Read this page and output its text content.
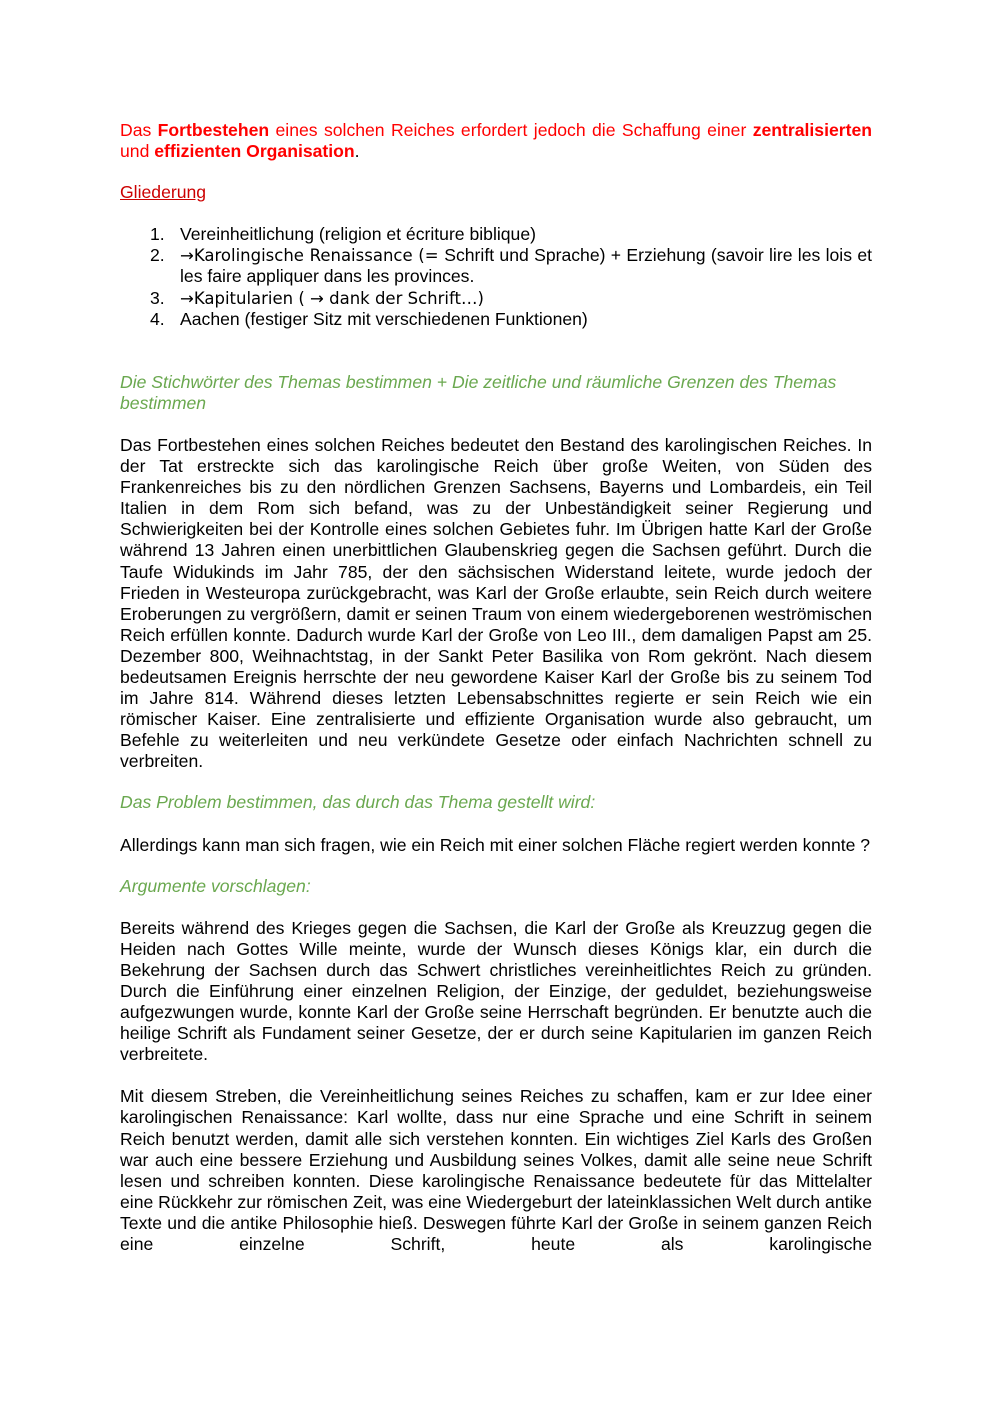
Das Fortbestehen eines solchen Reiches erfordert jedoch die Schaffung einer zentralisierten und effizienten Organisation.

Gliederung

1. Vereinheitlichung (religion et écriture biblique)
2. →Karolingische Renaissance (= Schrift und Sprache) + Erziehung (savoir lire les lois et les faire appliquer dans les provinces.
3. →Kapitularien ( → dank der Schrift…)
4. Aachen (festiger Sitz mit verschiedenen Funktionen)

Die Stichwörter des Themas bestimmen + Die zeitliche und räumliche Grenzen des Themas bestimmen

Das Fortbestehen eines solchen Reiches bedeutet den Bestand des karolingischen Reiches. In der Tat erstreckte sich das karolingische Reich über große Weiten, von Süden des Frankenreiches bis zu den nördlichen Grenzen Sachsens, Bayerns und Lombardeis, ein Teil Italien in dem Rom sich befand, was zu der Unbeständigkeit seiner Regierung und Schwierigkeiten bei der Kontrolle eines solchen Gebietes fuhr. Im Übrigen hatte Karl der Große während 13 Jahren einen unerbittlichen Glaubenskrieg gegen die Sachsen geführt. Durch die Taufe Widukinds im Jahr 785, der den sächsischen Widerstand leitete, wurde jedoch der Frieden in Westeuropa zurückgebracht, was Karl der Große erlaubte, sein Reich durch weitere Eroberungen zu vergrößern, damit er seinen Traum von einem wiedergeborenen weströmischen Reich erfüllen konnte. Dadurch wurde Karl der Große von Leo III., dem damaligen Papst am 25. Dezember 800, Weihnachtstag, in der Sankt Peter Basilika von Rom gekrönt. Nach diesem bedeutsamen Ereignis herrschte der neu gewordene Kaiser Karl der Große bis zu seinem Tod im Jahre 814. Während dieses letzten Lebensabschnittes regierte er sein Reich wie ein römischer Kaiser. Eine zentralisierte und effiziente Organisation wurde also gebraucht, um Befehle zu weiterleiten und neu verkündete Gesetze oder einfach Nachrichten schnell zu verbreiten.

Das Problem bestimmen, das durch das Thema gestellt wird:

Allerdings kann man sich fragen, wie ein Reich mit einer solchen Fläche regiert werden konnte ?

Argumente vorschlagen:

Bereits während des Krieges gegen die Sachsen, die Karl der Große als Kreuzzug gegen die Heiden nach Gottes Wille meinte, wurde der Wunsch dieses Königs klar, ein durch die Bekehrung der Sachsen durch das Schwert christliches vereinheitlichtes Reich zu gründen. Durch die Einführung einer einzelnen Religion, der Einzige, der geduldet, beziehungsweise aufgezwungen wurde, konnte Karl der Große seine Herrschaft begründen. Er benutzte auch die heilige Schrift als Fundament seiner Gesetze, der er durch seine Kapitularien im ganzen Reich verbreitete.

Mit diesem Streben, die Vereinheitlichung seines Reiches zu schaffen, kam er zur Idee einer karolingischen Renaissance: Karl wollte, dass nur eine Sprache und eine Schrift in seinem Reich benutzt werden, damit alle sich verstehen konnten. Ein wichtiges Ziel Karls des Großen war auch eine bessere Erziehung und Ausbildung seines Volkes, damit alle seine neue Schrift lesen und schreiben konnten. Diese karolingische Renaissance bedeutete für das Mittelalter eine Rückkehr zur römischen Zeit, was eine Wiedergeburt der lateinklassichen Welt durch antike Texte und die antike Philosophie hieß. Deswegen führte Karl der Große in seinem ganzen Reich eine einzelne Schrift, heute als karolingische
